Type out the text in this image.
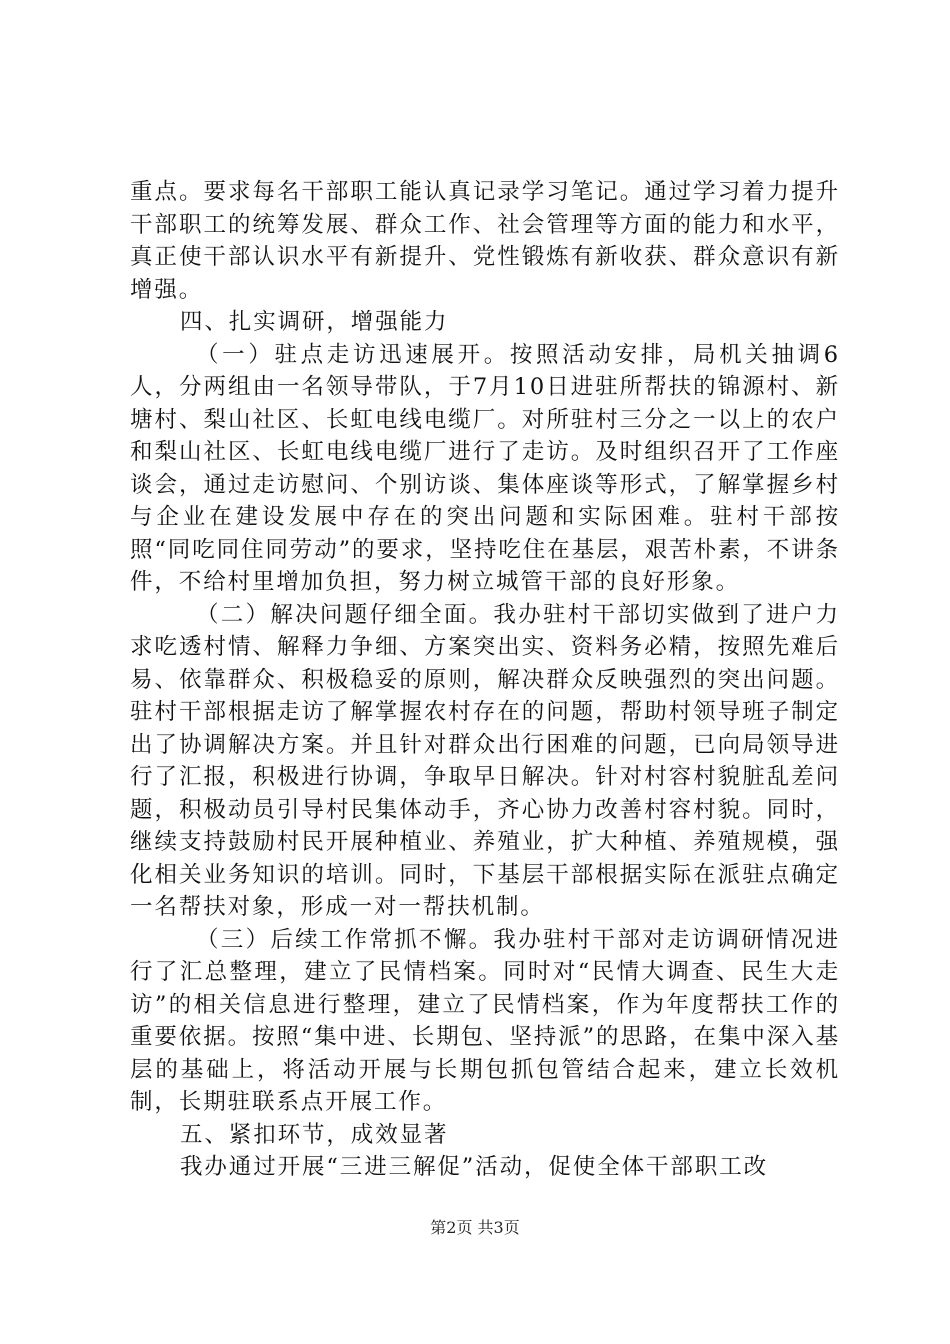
重点。要求每名干部职工能认真记录学习笔记。通过学习着力提升干部职工的统筹发展、群众工作、社会管理等方面的能力和水平，真正使干部认识水平有新提升、党性锻炼有新收获、群众意识有新增强。

四、扎实调研，增强能力

（一）驻点走访迅速展开。按照活动安排，局机关抽调6人，分两组由一名领导带队，于7月10日进驻所帮扶的锦源村、新塘村、梨山社区、长虹电线电缆厂。对所驻村三分之一以上的农户和梨山社区、长虹电线电缆厂进行了走访。及时组织召开了工作座谈会，通过走访慰问、个别访谈、集体座谈等形式，了解掌握乡村与企业在建设发展中存在的突出问题和实际困难。驻村干部按照“同吃同住同劳动”的要求，坚持吃住在基层，艰苦朴素，不讲条件，不给村里增加负担，努力树立城管干部的良好形象。

（二）解决问题仔细全面。我办驻村干部切实做到了进户力求吃透村情、解释力争细、方案突出实、资料务必精，按照先难后易、依靠群众、积极稳妥的原则，解决群众反映强烈的突出问题。驻村干部根据走访了解掌握农村存在的问题，帮助村领导班子制定出了协调解决方案。并且针对群众出行困难的问题，已向局领导进行了汇报，积极进行协调，争取早日解决。针对村容村貌脏乱差问题，积极动员引导村民集体动手，齐心协力改善村容村貌。同时，继续支持鼓励村民开展种植业、养殖业，扩大种植、养殖规模，强化相关业务知识的培训。同时，下基层干部根据实际在派驻点确定一名帮扶对象，形成一对一帮扶机制。

（三）后续工作常抓不懈。我办驻村干部对走访调研情况进行了汇总整理，建立了民情档案。同时对“民情大调查、民生大走访”的相关信息进行整理，建立了民情档案，作为年度帮扶工作的重要依据。按照“集中进、长期包、坚持派”的思路，在集中深入基层的基础上，将活动开展与长期包抓包管结合起来，建立长效机制，长期驻联系点开展工作。

五、紧扣环节，成效显著

我办通过开展“三进三解促”活动，促使全体干部职工改

第2页 共3页
